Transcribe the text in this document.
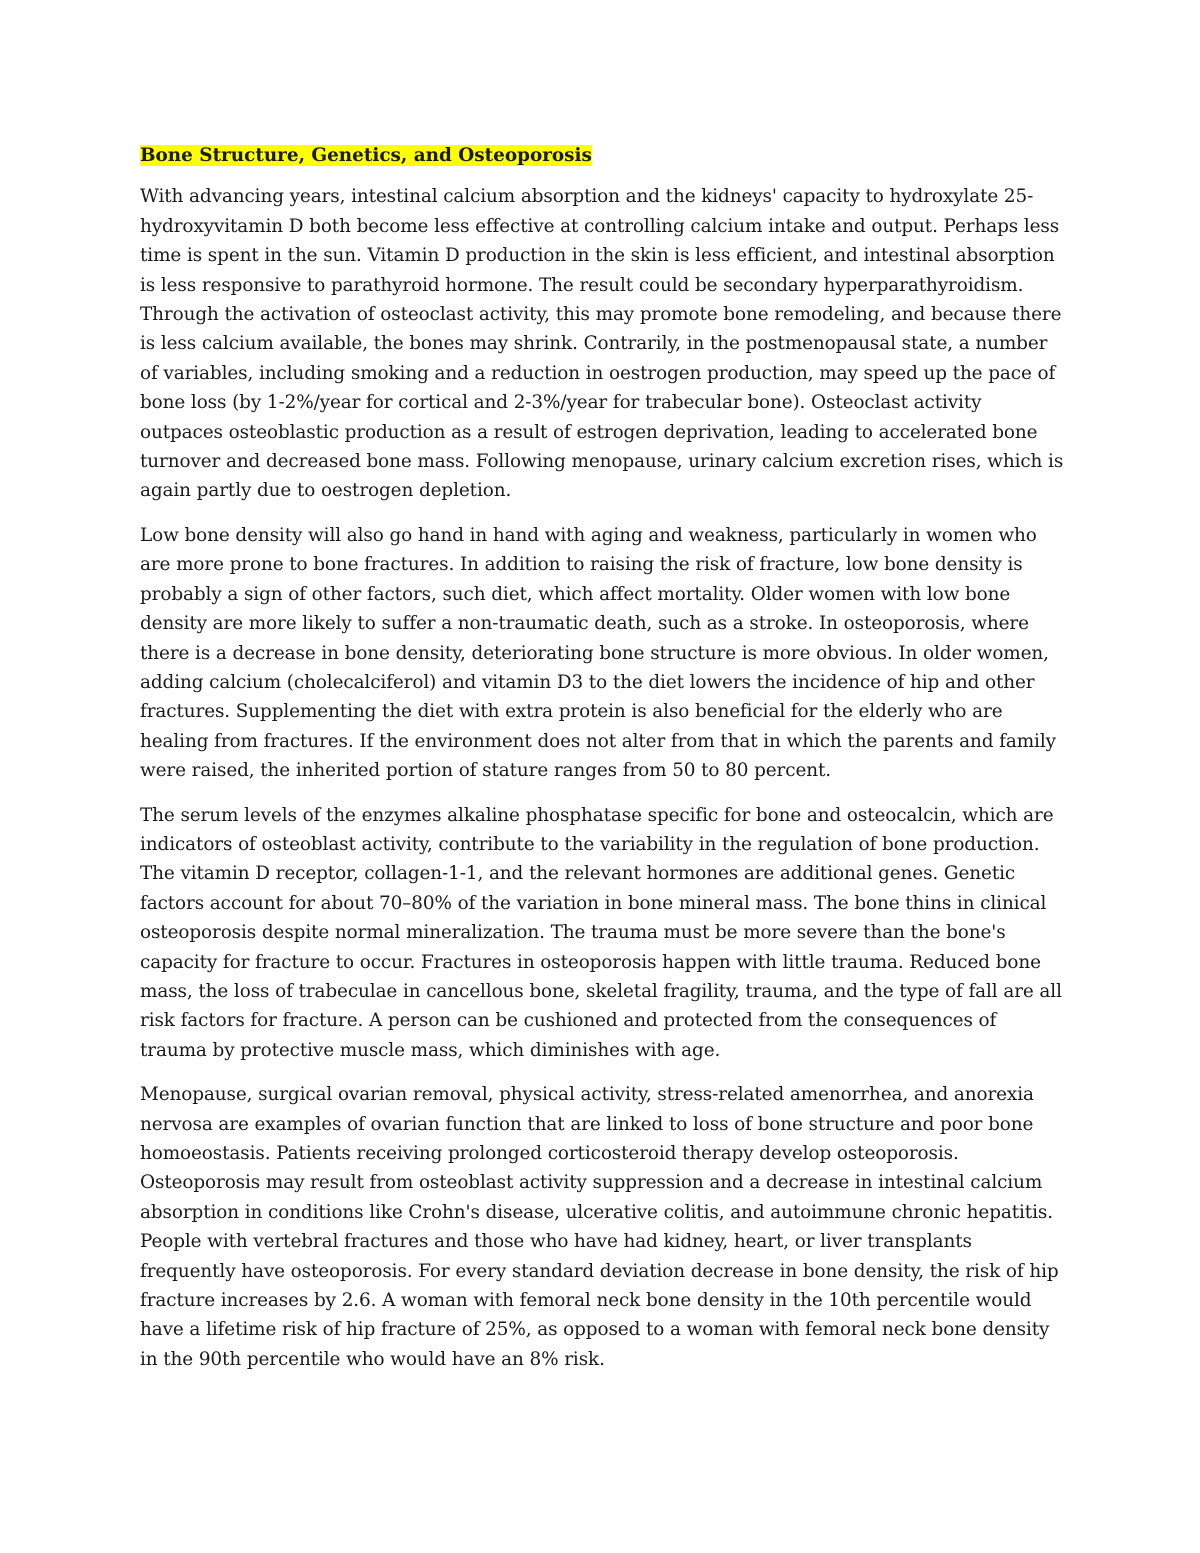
Bone Structure, Genetics, and Osteoporosis

With advancing years, intestinal calcium absorption and the kidneys' capacity to hydroxylate 25-hydroxyvitamin D both become less effective at controlling calcium intake and output. Perhaps less time is spent in the sun. Vitamin D production in the skin is less efficient, and intestinal absorption is less responsive to parathyroid hormone. The result could be secondary hyperparathyroidism. Through the activation of osteoclast activity, this may promote bone remodeling, and because there is less calcium available, the bones may shrink. Contrarily, in the postmenopausal state, a number of variables, including smoking and a reduction in oestrogen production, may speed up the pace of bone loss (by 1-2%/year for cortical and 2-3%/year for trabecular bone). Osteoclast activity outpaces osteoblastic production as a result of estrogen deprivation, leading to accelerated bone turnover and decreased bone mass. Following menopause, urinary calcium excretion rises, which is again partly due to oestrogen depletion.

Low bone density will also go hand in hand with aging and weakness, particularly in women who are more prone to bone fractures. In addition to raising the risk of fracture, low bone density is probably a sign of other factors, such diet, which affect mortality. Older women with low bone density are more likely to suffer a non-traumatic death, such as a stroke. In osteoporosis, where there is a decrease in bone density, deteriorating bone structure is more obvious. In older women, adding calcium (cholecalciferol) and vitamin D3 to the diet lowers the incidence of hip and other fractures. Supplementing the diet with extra protein is also beneficial for the elderly who are healing from fractures. If the environment does not alter from that in which the parents and family were raised, the inherited portion of stature ranges from 50 to 80 percent.

The serum levels of the enzymes alkaline phosphatase specific for bone and osteocalcin, which are indicators of osteoblast activity, contribute to the variability in the regulation of bone production. The vitamin D receptor, collagen-1-1, and the relevant hormones are additional genes. Genetic factors account for about 70–80% of the variation in bone mineral mass. The bone thins in clinical osteoporosis despite normal mineralization. The trauma must be more severe than the bone's capacity for fracture to occur. Fractures in osteoporosis happen with little trauma. Reduced bone mass, the loss of trabeculae in cancellous bone, skeletal fragility, trauma, and the type of fall are all risk factors for fracture. A person can be cushioned and protected from the consequences of trauma by protective muscle mass, which diminishes with age.

Menopause, surgical ovarian removal, physical activity, stress-related amenorrhea, and anorexia nervosa are examples of ovarian function that are linked to loss of bone structure and poor bone homoeostasis. Patients receiving prolonged corticosteroid therapy develop osteoporosis. Osteoporosis may result from osteoblast activity suppression and a decrease in intestinal calcium absorption in conditions like Crohn's disease, ulcerative colitis, and autoimmune chronic hepatitis. People with vertebral fractures and those who have had kidney, heart, or liver transplants frequently have osteoporosis. For every standard deviation decrease in bone density, the risk of hip fracture increases by 2.6. A woman with femoral neck bone density in the 10th percentile would have a lifetime risk of hip fracture of 25%, as opposed to a woman with femoral neck bone density in the 90th percentile who would have an 8% risk.
